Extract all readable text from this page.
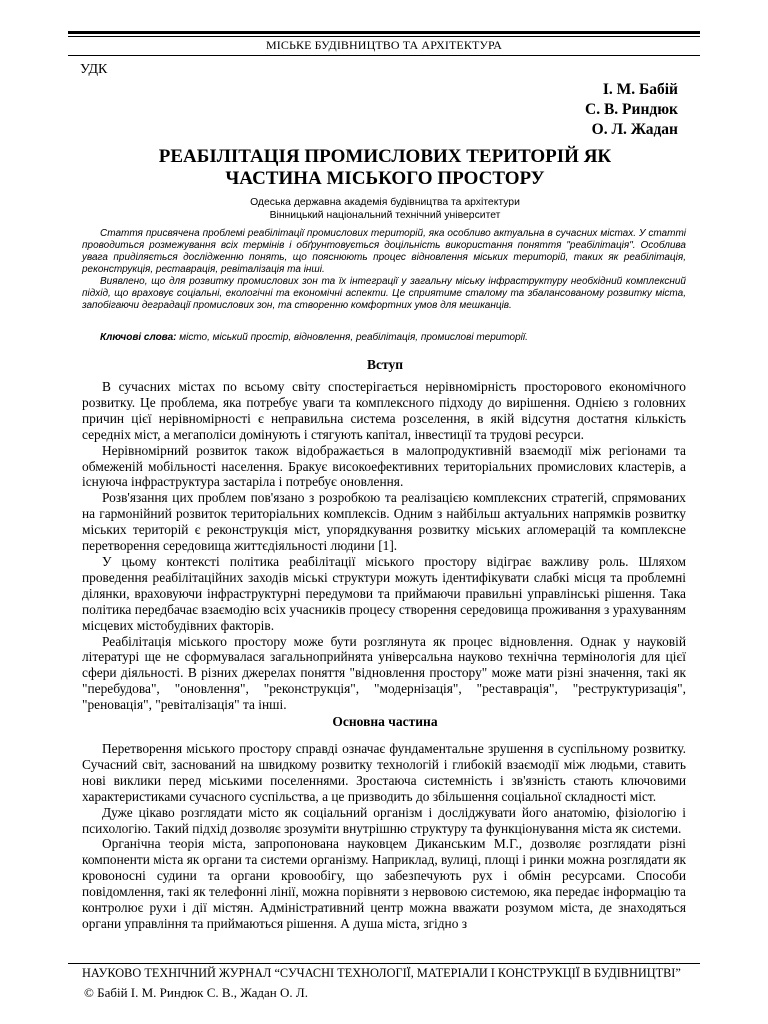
МІСЬКЕ БУДІВНИЦТВО ТА АРХІТЕКТУРА
УДК
І. М. Бабій
С. В. Риндюк
О. Л. Жадан
РЕАБІЛІТАЦІЯ ПРОМИСЛОВИХ ТЕРИТОРІЙ ЯК
ЧАСТИНА МІСЬКОГО ПРОСТОРУ
Одеська державна академія будівництва та архітектури
Вінницький національний технічний університет

Стаття присвячена проблемі реабілітації промислових територій, яка особливо актуальна в сучасних містах. У статті проводиться розмежування всіх термінів і обґрунтовується доцільність використання поняття "реабілітація". Особлива увага приділяється дослідженню понять, що пояснюють процес відновлення міських територій, таких як реабілітація, реконструкція, реставрація, ревіталізація та інші.

Виявлено, що для розвитку промислових зон та їх інтеграції у загальну міську інфраструктуру необхідний комплексний підхід, що враховує соціальні, екологічні та економічні аспекти. Це сприятиме сталому та збалансованому розвитку міста, запобігаючи деградації промислових зон, та створенню комфортних умов для мешканців.

Ключові слова: місто, міський простір, відновлення, реабілітація, промислові території.
Вступ

В сучасних містах по всьому світу спостерігається нерівномірність просторового економічного розвитку. Це проблема, яка потребує уваги та комплексного підходу до вирішення. Однією з головних причин цієї нерівномірності є неправильна система розселення, в якій відсутня достатня кількість середніх міст, а мегаполіси домінують і стягують капітал, інвестиції та трудові ресурси.

Нерівномірний розвиток також відображається в малопродуктивній взаємодії між регіонами та обмеженій мобільності населення. Бракує високоефективних територіальних промислових кластерів, а існуюча інфраструктура застаріла і потребує оновлення.

Розв'язання цих проблем пов'язано з розробкою та реалізацією комплексних стратегій, спрямованих на гармонійний розвиток територіальних комплексів. Одним з найбільш актуальних напрямків розвитку міських територій є реконструкція міст, упорядкування розвитку міських агломерацій та комплексне перетворення середовища життєдіяльності людини [1].

У цьому контексті політика реабілітації міського простору відіграє важливу роль. Шляхом проведення реабілітаційних заходів міські структури можуть ідентифікувати слабкі місця та проблемні ділянки, враховуючи інфраструктурні передумови та приймаючи правильні управлінські рішення. Така політика передбачає взаємодію всіх учасників процесу створення середовища проживання з урахуванням місцевих містобудівних факторів.

Реабілітація міського простору може бути розглянута як процес відновлення. Однак у науковій літературі ще не сформувалася загальноприйнята універсальна науково технічна термінологія для цієї сфери діяльності. В різних джерелах поняття "відновлення простору" може мати різні значення, такі як "перебудова", "оновлення", "реконструкція", "модернізація", "реставрація", "реструктуризація", "реновація", "ревіталізація" та інші.

Основна частина

Перетворення міського простору справді означає фундаментальне зрушення в суспільному розвитку. Сучасний світ, заснований на швидкому розвитку технологій і глибокій взаємодії між людьми, ставить нові виклики перед міськими поселеннями. Зростаюча системність і зв'язність стають ключовими характеристиками сучасного суспільства, а це призводить до збільшення соціальної складності міст.

Дуже цікаво розглядати місто як соціальний організм і досліджувати його анатомію, фізіологію і психологію. Такий підхід дозволяє зрозуміти внутрішню структуру та функціонування міста як системи.

Органічна теорія міста, запропонована науковцем Диканським М.Г., дозволяє розглядати різні компоненти міста як органи та системи організму. Наприклад, вулиці, площі і ринки можна розглядати як кровоносні судини та органи кровообігу, що забезпечують рух і обмін ресурсами. Способи повідомлення, такі як телефонні лінії, можна порівняти з нервовою системою, яка передає інформацію та контролює рухи і дії містян. Адміністративний центр можна вважати розумом міста, де знаходяться органи управління та приймаються рішення. А душа міста, згідно з

НАУКОВО ТЕХНІЧНИЙ ЖУРНАЛ “СУЧАСНІ ТЕХНОЛОГІЇ, МАТЕРІАЛИ І КОНСТРУКЦІЇ В БУДІВНИЦТВІ”
© Бабій І. М. Риндюк С. В., Жадан О. Л.
